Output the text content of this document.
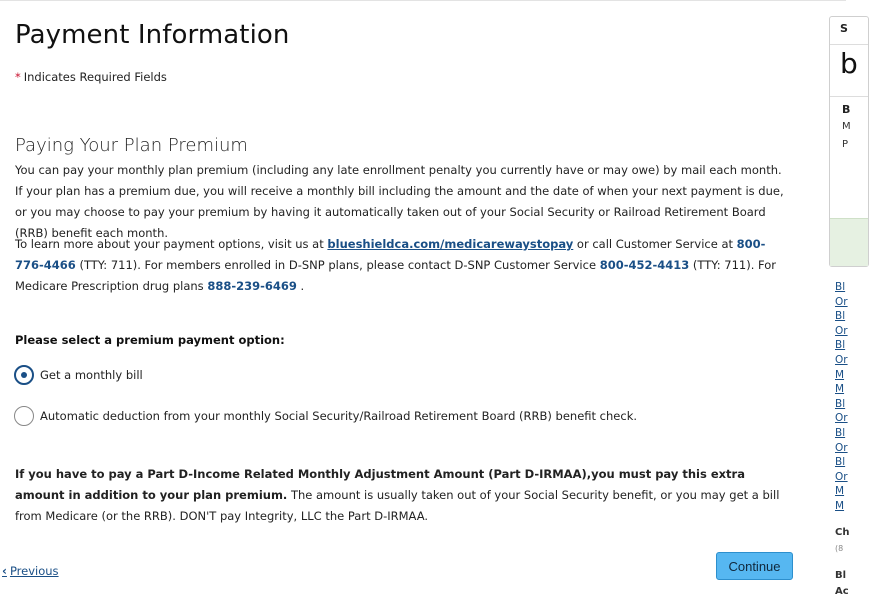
Payment Information
* Indicates Required Fields
Paying Your Plan Premium

You can pay your monthly plan premium (including any late enrollment penalty you currently have or may owe) by mail each month. If your plan has a premium due, you will receive a monthly bill including the amount and the date of when your next payment is due, or you may choose to pay your premium by having it automatically taken out of your Social Security or Railroad Retirement Board (RRB) benefit each month.

To learn more about your payment options, visit us at blueshieldca.com/medicarewaystopay or call Customer Service at 800-776-4466 (TTY: 711). For members enrolled in D-SNP plans, please contact D-SNP Customer Service 800-452-4413 (TTY: 711). For Medicare Prescription drug plans 888-239-6469 .

Please select a premium payment option:
Get a monthly bill
Automatic deduction from your monthly Social Security/Railroad Retirement Board (RRB) benefit check.

If you have to pay a Part D-Income Related Monthly Adjustment Amount (Part D-IRMAA),you must pay this extra amount in addition to your plan premium. The amount is usually taken out of your Social Security benefit, or you may get a bill from Medicare (or the RRB). DON'T pay Integrity, LLC the Part D-IRMAA.

‹ Previous	Continue
S
b
B
M
P
Bl
Or
Bl
Or
Bl
Or
M
M
Bl
Or
Bl
Or
Bl
Or
M
M
Ch
(8
Bl
Ac
